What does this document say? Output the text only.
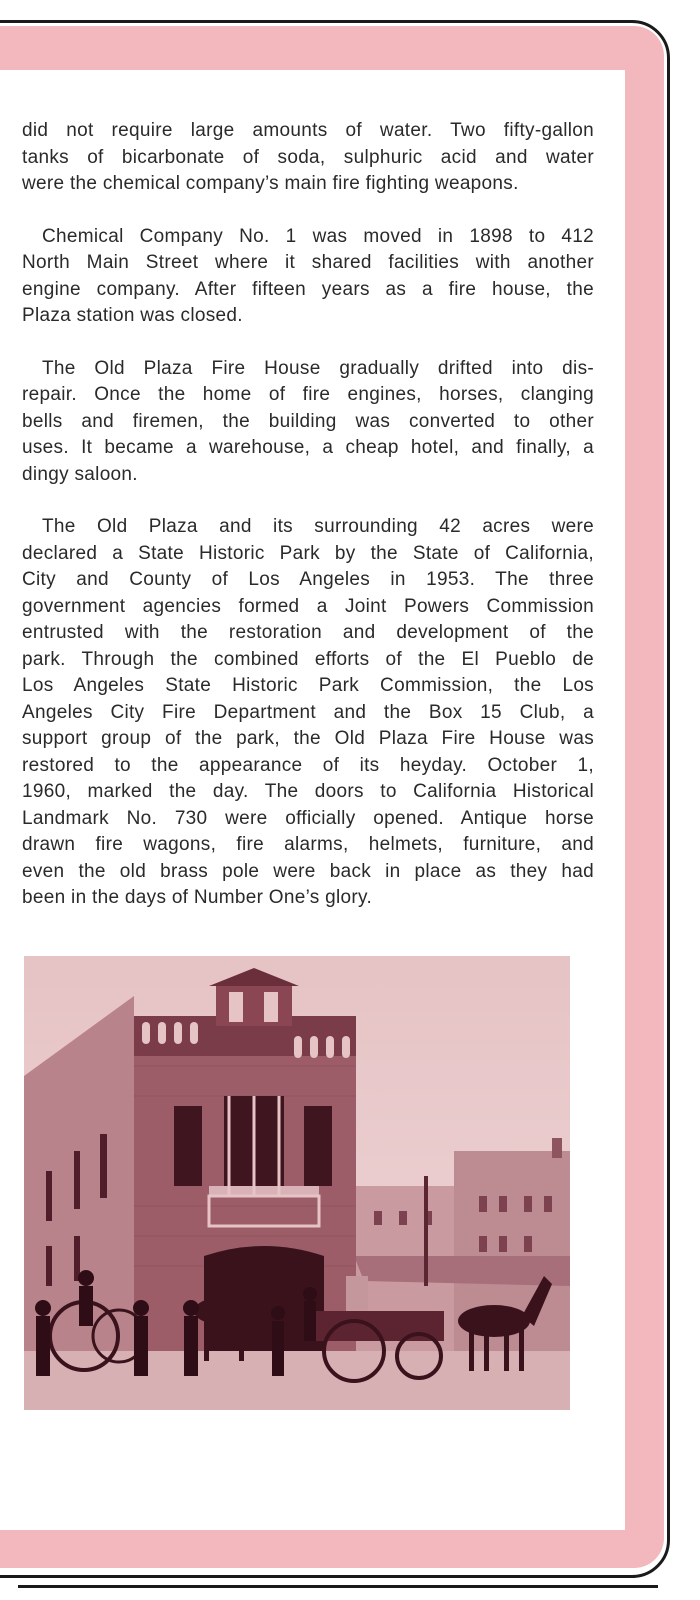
did not require large amounts of water. Two fifty-gallon
tanks of bicarbonate of soda, sulphuric acid and water
were the chemical company’s main fire fighting weapons.

Chemical Company No. 1 was moved in 1898 to 412
North Main Street where it shared facilities with another
engine company. After fifteen years as a fire house, the
Plaza station was closed.

The Old Plaza Fire House gradually drifted into dis-
repair. Once the home of fire engines, horses, clanging
bells and firemen, the building was converted to other
uses. It became a warehouse, a cheap hotel, and finally, a
dingy saloon.

The Old Plaza and its surrounding 42 acres were
declared a State Historic Park by the State of California,
City and County of Los Angeles in 1953. The three
government agencies formed a Joint Powers Commission
entrusted with the restoration and development of the
park. Through the combined efforts of the El Pueblo de
Los Angeles State Historic Park Commission, the Los
Angeles City Fire Department and the Box 15 Club, a
support group of the park, the Old Plaza Fire House was
restored to the appearance of its heyday. October 1,
1960, marked the day. The doors to California Historical
Landmark No. 730 were officially opened. Antique horse
drawn fire wagons, fire alarms, helmets, furniture, and
even the old brass pole were back in place as they had
been in the days of Number One’s glory.
